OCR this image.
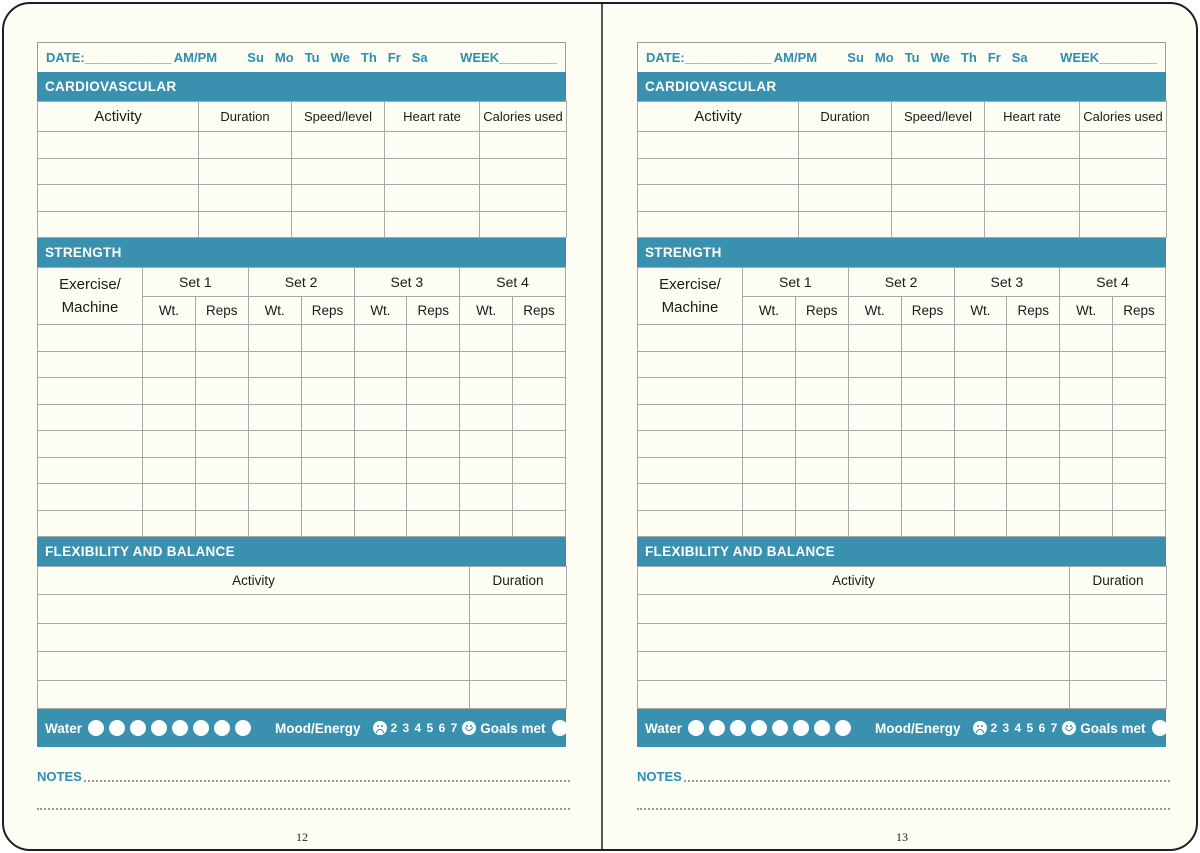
DATE:____________ AM/PM	Su Mo Tu We Th Fr Sa	WEEK________
CARDIOVASCULAR
Activity	Duration	Speed/level	Heart rate	Calories used

STRENGTH
Exercise/
Machine	Set 1		Set 2		Set 3		Set 4	
	Wt.	Reps	Wt.	Reps	Wt.	Reps	Wt.	Reps

FLEXIBILITY AND BALANCE
Activity	Duration

Water	Mood/Energy	2 3 4 5 6 7 Goals met
NOTES
12
DATE:____________ AM/PM	Su Mo Tu We Th Fr Sa	WEEK________
CARDIOVASCULAR
Activity	Duration	Speed/level	Heart rate	Calories used

STRENGTH
Exercise/
Machine	Set 1		Set 2		Set 3		Set 4	
	Wt.	Reps	Wt.	Reps	Wt.	Reps	Wt.	Reps

FLEXIBILITY AND BALANCE
Activity	Duration

Water	Mood/Energy	2 3 4 5 6 7 Goals met
NOTES
13
